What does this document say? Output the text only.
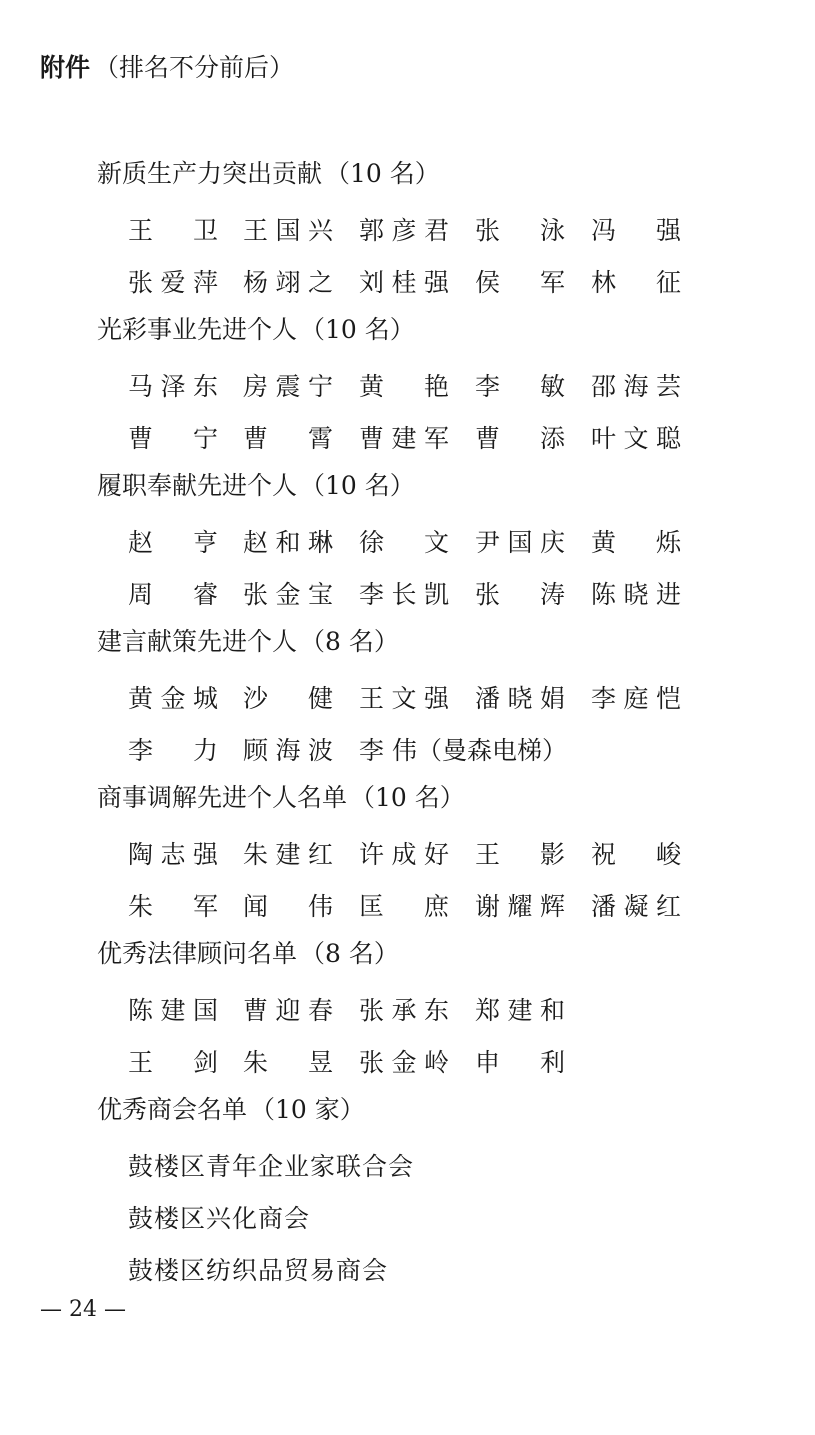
附件 （排名不分前后）
新质生产力突出贡献 （10 名）
王 卫 王 国 兴 郭 彦 君 张 泳 冯 强
张 爱 萍 杨 翊 之 刘 桂 强 侯 军 林 征
光彩事业先进个人 （10 名）
马 泽 东 房 震 宁 黄 艳 李 敏 邵 海 芸
曹 宁 曹 霄 曹 建 军 曹 添 叶 文 聪
履职奉献先进个人 （10 名）
赵 亨 赵 和 琳 徐 文 尹 国 庆 黄 烁
周 睿 张 金 宝 李 长 凯 张 涛 陈 晓 进
建言献策先进个人 （8 名）
黄 金 城 沙 健 王 文 强 潘 晓 娟 李 庭 恺
李 力 顾 海 波 李 伟（曼森电梯）
商事调解先进个人名单 （10 名）
陶 志 强 朱 建 红 许 成 好 王 影 祝 峻
朱 军 闻 伟 匡 庶 谢 耀 辉 潘 凝 红
优秀法律顾问名单 （8 名）
陈 建 国 曹 迎 春 张 承 东 郑 建 和
王 剑 朱 昱 张 金 岭 申 利
优秀商会名单 （10 家）
鼓楼区青年企业家联合会
鼓楼区兴化商会
鼓楼区纺织品贸易商会
— 24 —
